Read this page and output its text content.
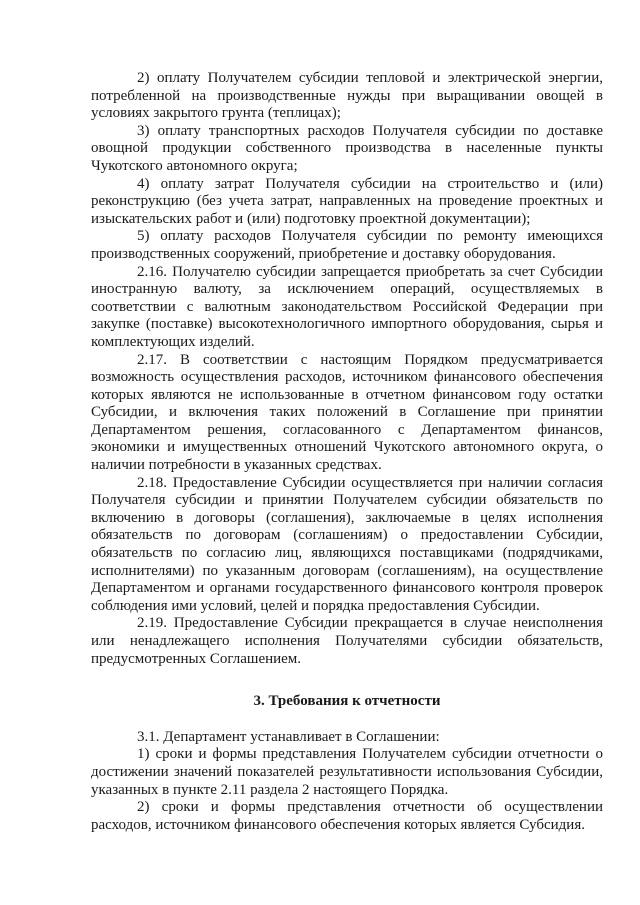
2) оплату Получателем субсидии тепловой и электрической энергии, потребленной на производственные нужды при выращивании овощей в условиях закрытого грунта (теплицах);

3) оплату транспортных расходов Получателя субсидии по доставке овощной продукции собственного производства в населенные пункты Чукотского автономного округа;

4) оплату затрат Получателя субсидии на строительство и (или) реконструкцию (без учета затрат, направленных на проведение проектных и изыскательских работ и (или) подготовку проектной документации);

5) оплату расходов Получателя субсидии по ремонту имеющихся производственных сооружений, приобретение и доставку оборудования.

2.16. Получателю субсидии запрещается приобретать за счет Субсидии иностранную валюту, за исключением операций, осуществляемых в соответствии с валютным законодательством Российской Федерации при закупке (поставке) высокотехнологичного импортного оборудования, сырья и комплектующих изделий.

2.17. В соответствии с настоящим Порядком предусматривается возможность осуществления расходов, источником финансового обеспечения которых являются не использованные в отчетном финансовом году остатки Субсидии, и включения таких положений в Соглашение при принятии Департаментом решения, согласованного с Департаментом финансов, экономики и имущественных отношений Чукотского автономного округа, о наличии потребности в указанных средствах.

2.18. Предоставление Субсидии осуществляется при наличии согласия Получателя субсидии и принятии Получателем субсидии обязательств по включению в договоры (соглашения), заключаемые в целях исполнения обязательств по договорам (соглашениям) о предоставлении Субсидии, обязательств по согласию лиц, являющихся поставщиками (подрядчиками, исполнителями) по указанным договорам (соглашениям), на осуществление Департаментом и органами государственного финансового контроля проверок соблюдения ими условий, целей и порядка предоставления Субсидии.

2.19. Предоставление Субсидии прекращается в случае неисполнения или ненадлежащего исполнения Получателями субсидии обязательств, предусмотренных Соглашением.

3. Требования к отчетности

3.1. Департамент устанавливает в Соглашении:

1) сроки и формы представления Получателем субсидии отчетности о достижении значений показателей результативности использования Субсидии, указанных в пункте 2.11 раздела 2 настоящего Порядка.

2) сроки и формы представления отчетности об осуществлении расходов, источником финансового обеспечения которых является Субсидия.
